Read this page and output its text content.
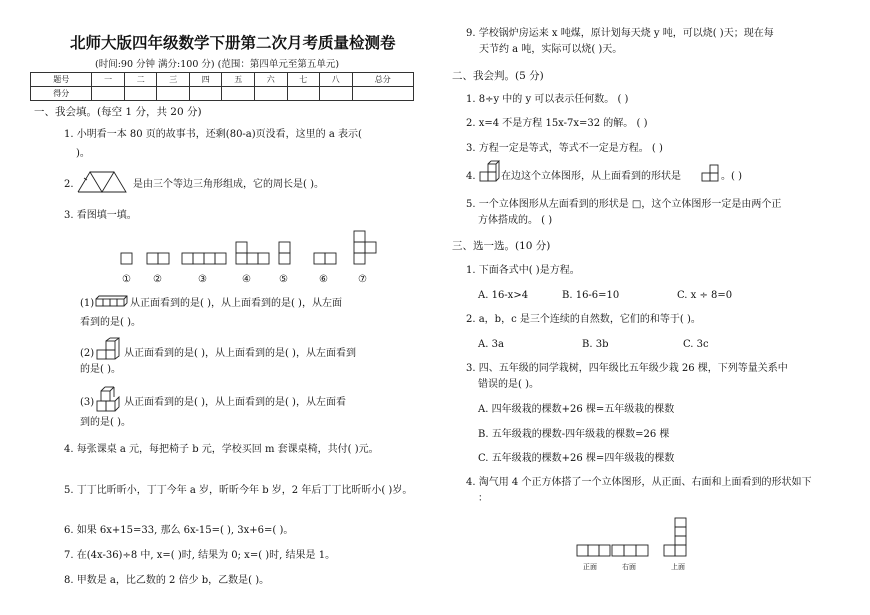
北师大版四年级数学下册第二次月考质量检测卷
(时间:90 分钟 满分:100 分) (范围：第四单元至第五单元)
题号	一	二	三	四	五	六	七	八	总分
得分									
一、我会填。(每空 1 分，共 20 分)
1. 小明看一本 80 页的故事书，还剩(80-a)页没看，这里的 a 表示(
)。
2.	是由三个等边三角形组成，它的周长是( )。
3. 看图填一填。
① ②	③	④	⑤	⑥	⑦
(1)	从正面看到的是( )，从上面看到的是( )，从左面
看到的是( )。
(2)	从正面看到的是( )，从上面看到的是( )，从左面看到
的是( )。
(3)	从正面看到的是( )，从上面看到的是( )，从左面看
到的是( )。
4. 每张课桌 a 元，每把椅子 b 元，学校买回 m 套课桌椅，共付( )元。
5. 丁丁比昕昕小，丁丁今年 a 岁，昕昕今年 b 岁，2 年后丁丁比昕昕小( )岁。
6. 如果 6x+15=33, 那么 6x-15=( ), 3x+6=( )。
7. 在(4x-36)÷8 中, x=( )时, 结果为 0; x=( )时, 结果是 1。
8. 甲数是 a，比乙数的 2 倍少 b，乙数是( )。
9. 学校锅炉房运来 x 吨煤，原计划每天烧 y 吨，可以烧( )天；现在每
天节约 a 吨，实际可以烧( )天。
二、我会判。(5 分)
1. 8÷y 中的 y 可以表示任何数。 ( )
2. x=4 不是方程 15x-7x=32 的解。 ( )
3. 方程一定是等式，等式不一定是方程。 ( )
4.	在边这个立体图形，从上面看到的形状是	。( )
5. 一个立体图形从左面看到的形状是 □，这个立体图形一定是由两个正
方体搭成的。 ( )
三、选一选。(10 分)
1. 下面各式中( )是方程。
A. 16-x>4	B. 16-6=10	C. x ÷ 8=0
2. a，b，c 是三个连续的自然数，它们的和等于( )。
A. 3a	B. 3b	C. 3c
3. 四、五年级的同学栽树，四年级比五年级少栽 26 棵，下列等量关系中
错误的是( )。
A. 四年级栽的棵数+26 棵=五年级栽的棵数
B. 五年级栽的棵数-四年级栽的棵数=26 棵
C. 五年级栽的棵数+26 棵=四年级栽的棵数
4. 淘气用 4 个正方体搭了一个立体图形，从正面、右面和上面看到的形状如下
：
正面	右面	上面
